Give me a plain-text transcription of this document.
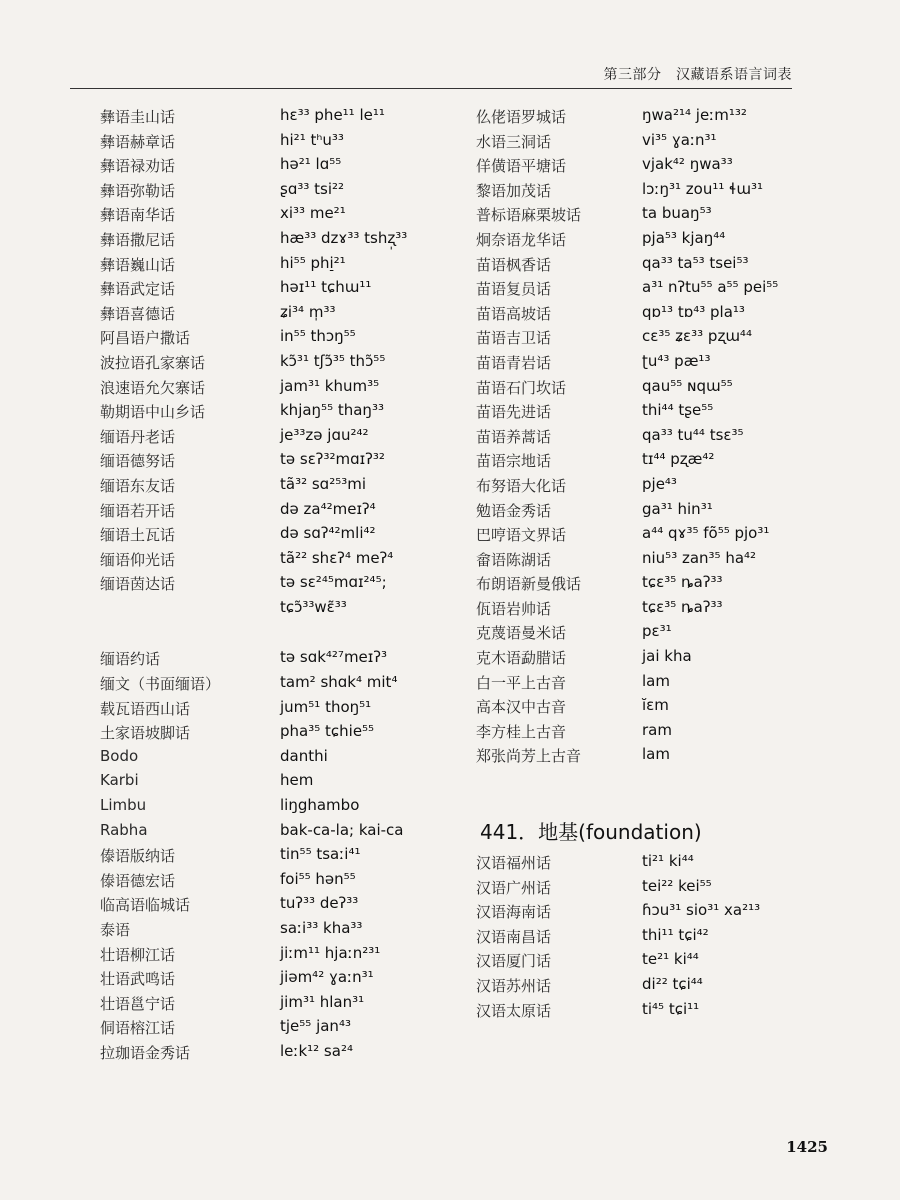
第三部分　汉藏语系语言词表
彝语圭山话	hɛ³³ phe¹¹ le¹¹
彝语赫章话	hi²¹ tʰu³³
彝语禄劝话	hə²¹ lɑ⁵⁵
彝语弥勒话	ʂɑ³³ tsi²²
彝语南华话	xi³³ me²¹
彝语撒尼话	hæ³³ dzɤ³³ tshʐ̩³³
彝语巍山话	hi⁵⁵ phi̠²¹
彝语武定话	həɪ¹¹ tɕhɯ¹¹
彝语喜德话	ʑi³⁴ m̩³³
阿昌语户撒话	in⁵⁵ thɔŋ⁵⁵
波拉语孔家寨话	kɔ̃³¹ tʃɔ̃³⁵ thɔ̃⁵⁵
浪速语允欠寨话	jam³¹ khum³⁵
勒期语中山乡话	khjaŋ⁵⁵ thaŋ³³
缅语丹老话	je³³zə jɑu²⁴²
缅语德努话	tə sɛʔ³²mɑɪʔ³²
缅语东友话	tã³² sɑ²⁵³mi
缅语若开话	də za⁴²meɪʔ⁴
缅语土瓦话	də sɑʔ⁴²mli⁴²
缅语仰光话	tã²² shɛʔ⁴ meʔ⁴
缅语茵达话	tə sɛ²⁴⁵mɑɪ²⁴⁵;
tɕɔ̃³³wɛ̃³³
缅语约话	tə sɑk⁴²⁷meɪʔ³
缅文（书面缅语）	tam² shɑk⁴ mit⁴
载瓦语西山话	jum⁵¹ thoŋ⁵¹
土家语坡脚话	pha³⁵ tɕhie⁵⁵
Bodo	danthi
Karbi	hem
Limbu	liŋghambo
Rabha	bak-ca-la; kai-ca
傣语版纳话	tin⁵⁵ tsaːi⁴¹
傣语德宏话	foi⁵⁵ hən⁵⁵
临高语临城话	tuʔ³³ deʔ³³
泰语	saːi³³ kha³³
壮语柳江话	jiːm¹¹ hjaːn²³¹
壮语武鸣话	jiəm⁴² ɣaːn³¹
壮语邕宁话	jim³¹ hlan³¹
侗语榕江话	tje⁵⁵ jan⁴³
拉珈语金秀话	leːk¹² sa²⁴
仫佬语罗城话	ŋwa²¹⁴ jeːm¹³²
水语三洞话	vi³⁵ ɣaːn³¹
佯僙语平塘话	vjak⁴² ŋwa³³
黎语加茂话	lɔːŋ³¹ zou¹¹ ɬɯ³¹
普标语麻栗坡话	ta buaŋ⁵³
炯奈语龙华话	pja⁵³ kjaŋ⁴⁴
苗语枫香话	qa³³ ta⁵³ tsei⁵³
苗语复员话	a³¹ nʔtu⁵⁵ a⁵⁵ pei⁵⁵
苗语高坡话	qɒ¹³ tɒ⁴³ pla¹³
苗语吉卫话	cɛ³⁵ ʑɛ³³ pʐɯ⁴⁴
苗语青岩话	ʈu⁴³ pæ¹³
苗语石门坎话	qau⁵⁵ ɴqɯ⁵⁵
苗语先进话	thi⁴⁴ tʂe⁵⁵
苗语养蒿话	qa³³ tu⁴⁴ tsɛ³⁵
苗语宗地话	tɪ⁴⁴ pʐæ⁴²
布努语大化话	pje⁴³
勉语金秀话	ga³¹ hin³¹
巴哼语文界话	a⁴⁴ qɤ³⁵ fõ⁵⁵ pjo³¹
畲语陈湖话	niu⁵³ zan³⁵ ha⁴²
布朗语新曼俄话	tɕɛ³⁵ ȵaʔ³³
佤语岩帅话	tɕɛ³⁵ ȵaʔ³³
克蔑语曼米话	pɛ³¹
克木语勐腊话	jai kha
白一平上古音	lam
高本汉中古音	ĭɛm
李方桂上古音	ram
郑张尚芳上古音	lam
441．地基(foundation)
汉语福州话	ti²¹ ki⁴⁴
汉语广州话	tei²² kei⁵⁵
汉语海南话	ɦɔu³¹ sio³¹ xa²¹³
汉语南昌话	thi¹¹ tɕi⁴²
汉语厦门话	te²¹ ki⁴⁴
汉语苏州话	di²² tɕi⁴⁴
汉语太原话	ti⁴⁵ tɕi¹¹
1425
